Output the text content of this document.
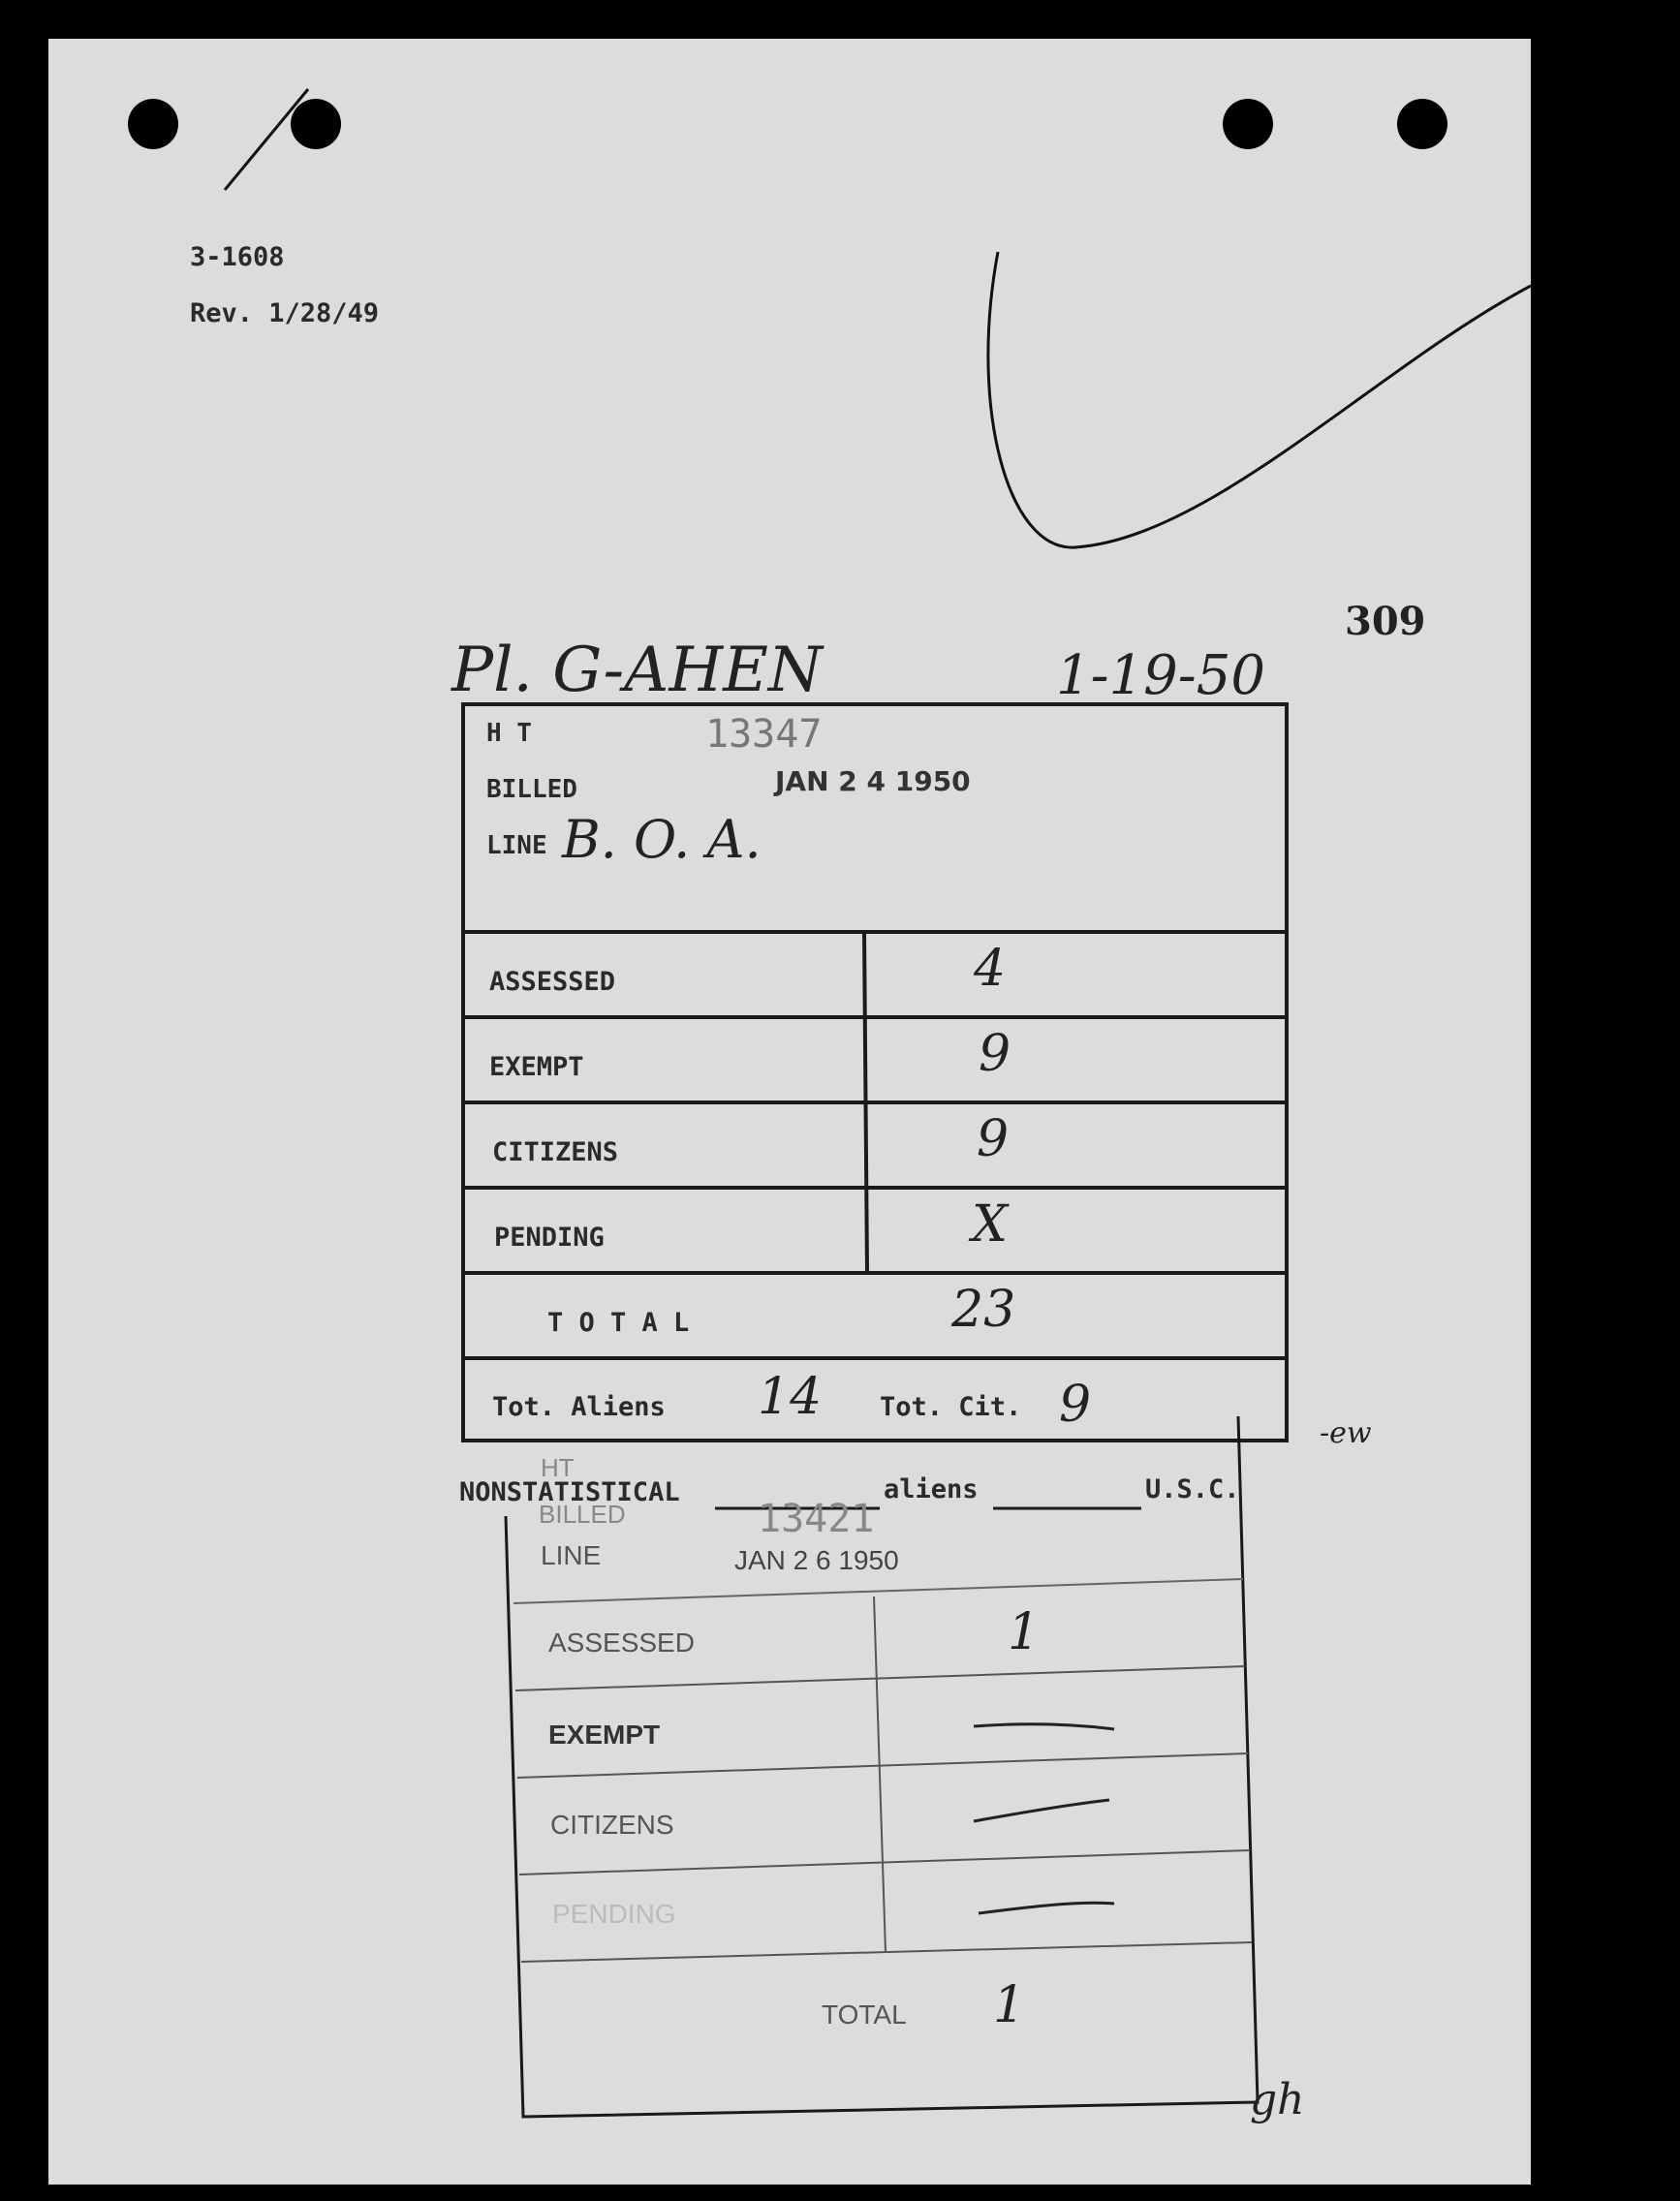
3-1608
Rev. 1/28/49
309
Pl. G-AHEN	1-19-50
H T	13347
BILLED	JAN 2 4 1950
LINE B. O. A.
ASSESSED	4
EXEMPT	9
CITIZENS	9
PENDING	X
T O T A L	23
Tot. Aliens 14 Tot. Cit. 9
NONSTATISTICAL	aliens	U.S.C.
HT
BILLED	13421
LINE	JAN 2 6 1950
ASSESSED	1
EXEMPT
CITIZENS
PENDING
TOTAL 1
-ew
gh
